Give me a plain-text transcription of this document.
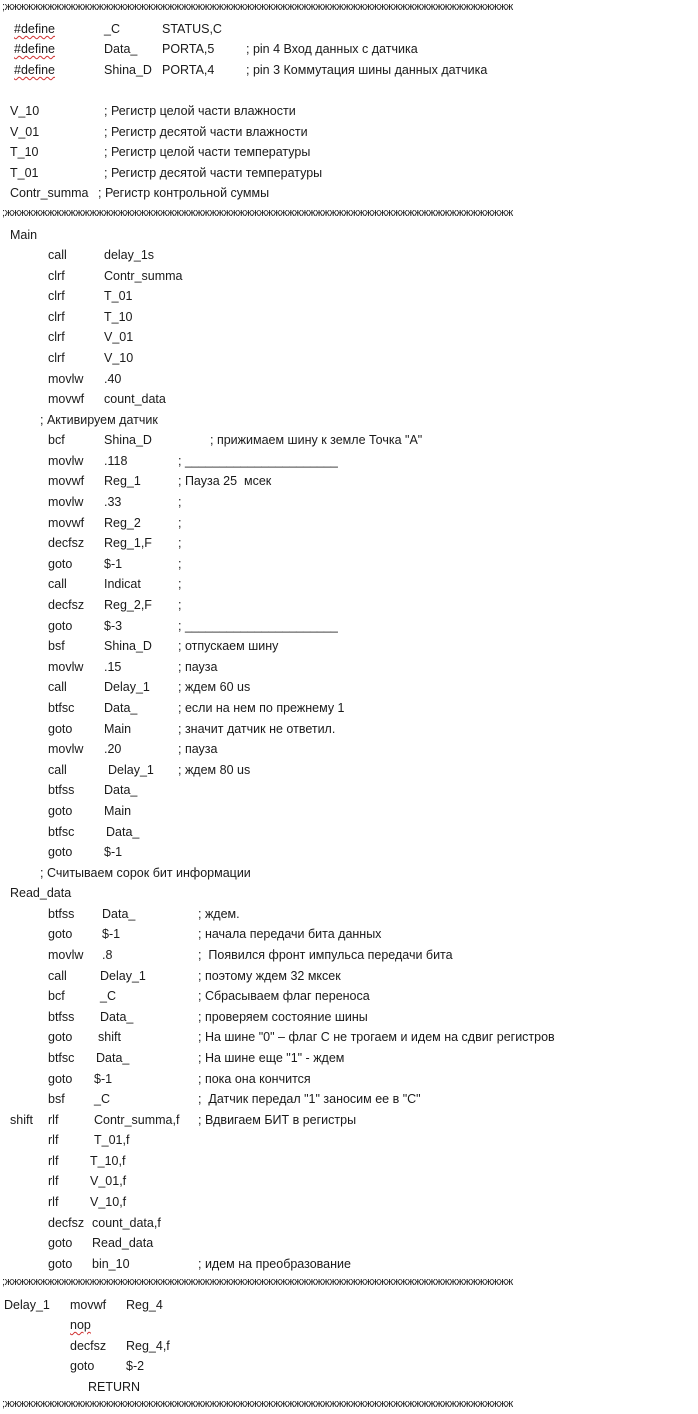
;жжжжжжжжжжжжжжжжжжжжжжжжжжжжжжжжжжжжжжжжжжжжжжжжжжжжжжжжжжжжжжжжжжжжжжжж
#define	_C	STATUS,C
#define	Data_ PORTA,5	; pin 4 Вход данных с датчика
#define	Shina_D PORTA,4	; pin 3 Коммутация шины данных датчика
V_10	; Регистр целой части влажности
V_01	; Регистр десятой части влажности
T_10	; Регистр целой части температуры
T_01	; Регистр десятой части температуры
Contr_summa ; Регистр контрольной суммы
;жжжжжжжжжжжжжжжжжжжжжжжжжжжжжжжжжжжжжжжжжжжжжжжжжжжжжжжжжжжжжжжжжжжжжжжж
Main
call	delay_1s
clrf	Contr_summa
clrf	T_01
clrf	T_10
clrf	V_01
clrf	V_10
movlw .40
movwf count_data
; Активируем датчик
bcf	Shina_D	; прижимаем шину к земле Точка "A"
movlw .118	; ______________________
movwf Reg_1	; Пауза 25  мсек
movlw .33	;
movwf Reg_2	;
decfsz Reg_1,F ;
goto	$-1	;
call	Indicat	;
decfsz Reg_2,F ;
goto	$-3	; ______________________
bsf	Shina_D ; отпускаем шину
movlw .15	; пауза
call	Delay_1 ; ждем 60 us
btfsc Data_	; если на нем по прежнему 1
goto	Main	; значит датчик не ответил.
movlw .20	; пауза
call	Delay_1 ; ждем 80 us
btfss Data_
goto	Main
btfsc	Data_
goto	$-1
; Считываем сорок бит информации
Read_data
btfss Data_	; ждем.
goto $-1	; начала передачи бита данных
movlw .8	;  Появился фронт импульса передачи бита
call	Delay_1	; поэтому ждем 32 мксек
bcf	_C	; Сбрасываем флаг переноса
btfss Data_	; проверяем состояние шины
goto shift	; На шине "0" – флаг С не трогаем и идем на сдвиг регистров
btfsc Data_	; На шине еще "1" - ждем
goto $-1	; пока она кончится
bsf _C	;  Датчик передал "1" заносим ее в "С"
shift rlf	Contr_summa,f ; Вдвигаем БИТ в регистры
rlf	T_01,f
rlf	T_10,f
rlf	V_01,f
rlf	V_10,f
decfsz count_data,f
goto Read_data
goto bin_10	; идем на преобразование
;жжжжжжжжжжжжжжжжжжжжжжжжжжжжжжжжжжжжжжжжжжжжжжжжжжжжжжжжжжжжжжжжжжжжжжжж
Delay_1 movwf Reg_4
nop
decfsz Reg_4,f
goto	$-2
RETURN
;жжжжжжжжжжжжжжжжжжжжжжжжжжжжжжжжжжжжжжжжжжжжжжжжжжжжжжжжжжжжжжжжжжжжжжжж
